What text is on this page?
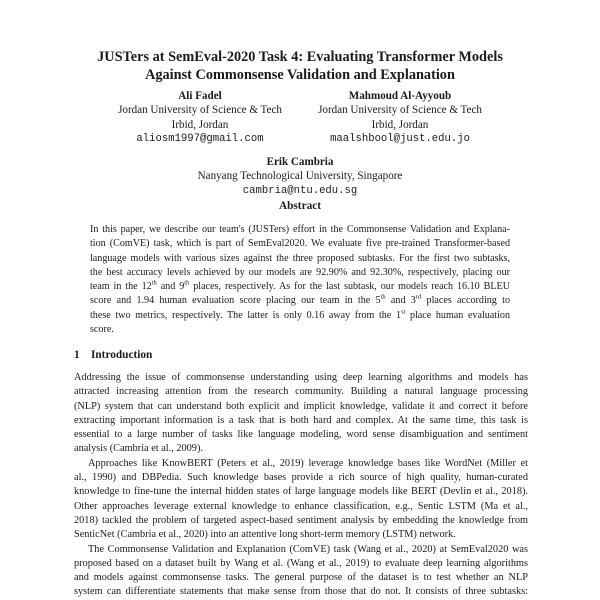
JUSTers at SemEval-2020 Task 4: Evaluating Transformer Models
Against Commonsense Validation and Explanation
Ali Fadel
Jordan University of Science & Tech
Irbid, Jordan
aliosm1997@gmail.com
Mahmoud Al-Ayyoub
Jordan University of Science & Tech
Irbid, Jordan
maalshbool@just.edu.jo
Erik Cambria
Nanyang Technological University, Singapore
cambria@ntu.edu.sg
Abstract
In this paper, we describe our team's (JUSTers) effort in the Commonsense Validation and Explana-
tion (ComVE) task, which is part of SemEval2020. We evaluate five pre-trained Transformer-based
language models with various sizes against the three proposed subtasks. For the first two subtasks,
the best accuracy levels achieved by our models are 92.90% and 92.30%, respectively, placing our
team in the 12th and 9th places, respectively. As for the last subtask, our models reach 16.10 BLEU
score and 1.94 human evaluation score placing our team in the 5th and 3rd places according to
these two metrics, respectively. The latter is only 0.16 away from the 1st place human evaluation
score.
1 Introduction
Addressing the issue of commonsense understanding using deep learning algorithms and models has
attracted increasing attention from the research community. Building a natural language processing
(NLP) system that can understand both explicit and implicit knowledge, validate it and correct it before
extracting important information is a task that is both hard and complex. At the same time, this task is
essential to a large number of tasks like language modeling, word sense disambiguation and sentiment
analysis (Cambria et al., 2009).
Approaches like KnowBERT (Peters et al., 2019) leverage knowledge bases like WordNet (Miller et
al., 1990) and DBPedia. Such knowledge bases provide a rich source of high quality, human-curated
knowledge to fine-tune the internal hidden states of large language models like BERT (Devlin et al., 2018).
Other approaches leverage external knowledge to enhance classification, e.g., Sentic LSTM (Ma et al.,
2018) tackled the problem of targeted aspect-based sentiment analysis by embedding the knowledge from
SenticNet (Cambria et al., 2020) into an attentive long short-term memory (LSTM) network.
The Commonsense Validation and Explanation (ComVE) task (Wang et al., 2020) at SemEval2020 was
proposed based on a dataset built by Wang et al. (Wang et al., 2019) to evaluate deep learning algorithms
and models against commonsense tasks. The general purpose of the dataset is to test whether an NLP
system can differentiate statements that make sense from those that do not. It consists of three subtasks:
